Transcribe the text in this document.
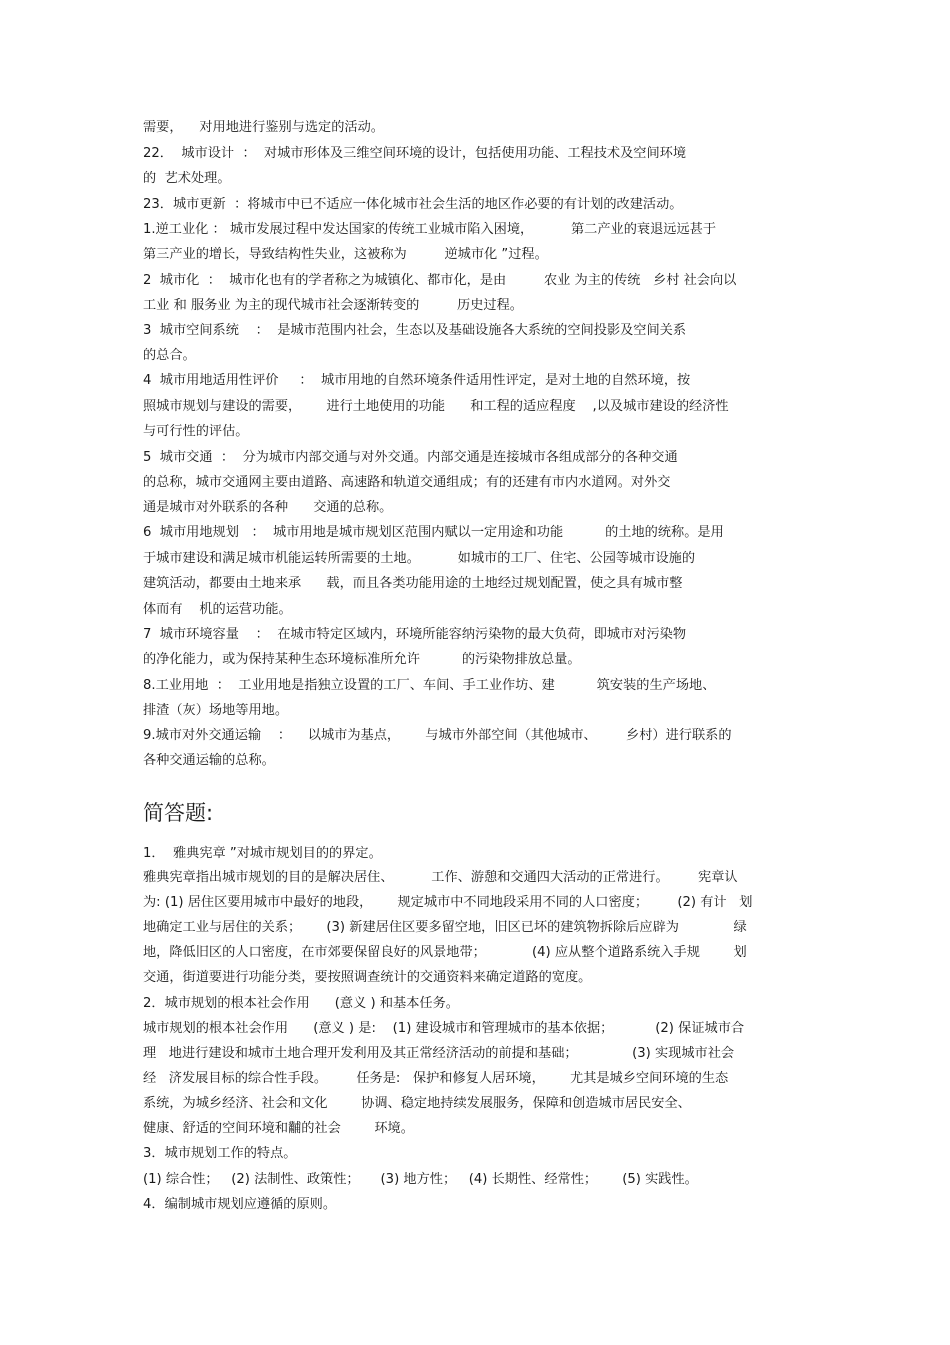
需要，    对用地进行鉴别与选定的活动。
22．  城市设计  ：  对城市形体及三维空间环境的设计，包括使用功能、工程技术及空间环境
的  艺术处理。
23．城市更新  ：将城市中已不适应一体化城市社会生活的地区作必要的有计划的改建活动。
1.逆工业化 ： 城市发展过程中发达国家的传统工业城市陷入困境，         第二产业的衰退远远甚于
第三产业的增长，导致结构性失业，这被称为         逆城市化 ”过程。
2  城市化  ：  城市化也有的学者称之为城镇化、都市化，是由         农业 为主的传统   乡村 社会向以
工业 和 服务业 为主的现代城市社会逐渐转变的         历史过程。
3  城市空间系统    ：  是城市范围内社会，生态以及基础设施各大系统的空间投影及空间关系
的总合。
4  城市用地适用性评价     ：  城市用地的自然环境条件适用性评定，是对土地的自然环境，按
照城市规划与建设的需要，      进行土地使用的功能      和工程的适应程度    ,以及城市建设的经济性
与可行性的评估。
5  城市交通  ：  分为城市内部交通与对外交通。内部交通是连接城市各组成部分的各种交通
的总称，城市交通网主要由道路、高速路和轨道交通组成；有的还建有市内水道网。对外交
通是城市对外联系的各种      交通的总称。
6  城市用地规划   ：  城市用地是城市规划区范围内赋以一定用途和功能          的土地的统称。是用
于城市建设和满足城市机能运转所需要的土地。         如城市的工厂、住宅、公园等城市设施的
建筑活动，都要由土地来承      载，而且各类功能用途的土地经过规划配置，使之具有城市整
体而有    机的运营功能。
7  城市环境容量    ：  在城市特定区域内，环境所能容纳污染物的最大负荷，即城市对污染物
的净化能力，或为保持某种生态环境标准所允许          的污染物排放总量。
8.工业用地  ：  工业用地是指独立设置的工厂、车间、手工业作坊、建          筑安装的生产场地、
排渣（灰）场地等用地。
9.城市对外交通运输    ：    以城市为基点，      与城市外部空间（其他城市、       乡村）进行联系的
各种交通运输的总称。
简答题:
1．  雅典宪章 ”对城市规划目的的界定。
雅典宪章指出城市规划的目的是解决居住、         工作、游憩和交通四大活动的正常进行。       宪章认
为: (1) 居住区要用城市中最好的地段，      规定城市中不同地段采用不同的人口密度；       (2) 有计   划
地确定工业与居住的关系；      (3) 新建居住区要多留空地，旧区已坏的建筑物拆除后应辟为             绿
地，降低旧区的人口密度，在市郊要保留良好的风景地带；           (4) 应从整个道路系统入手规        划
交通，街道要进行功能分类，要按照调查统计的交通资料来确定道路的宽度。
2．城市规划的根本社会作用      (意义 ) 和基本任务。
城市规划的根本社会作用      (意义 ) 是:    (1) 建设城市和管理城市的基本依据；          (2) 保证城市合
理   地进行建设和城市土地合理开发利用及其正常经济活动的前提和基础；             (3) 实现城市社会
经   济发展目标的综合性手段。       任务是:   保护和修复人居环境，      尤其是城乡空间环境的生态
系统，为城乡经济、社会和文化        协调、稳定地持续发展服务，保障和创造城市居民安全、
健康、舒适的空间环境和黼的社会        环境。
3．城市规划工作的特点。
(1) 综合性；   (2) 法制性、政策性；     (3) 地方性；   (4) 长期性、经常性；      (5) 实践性。
4．编制城市规划应遵循的原则。
